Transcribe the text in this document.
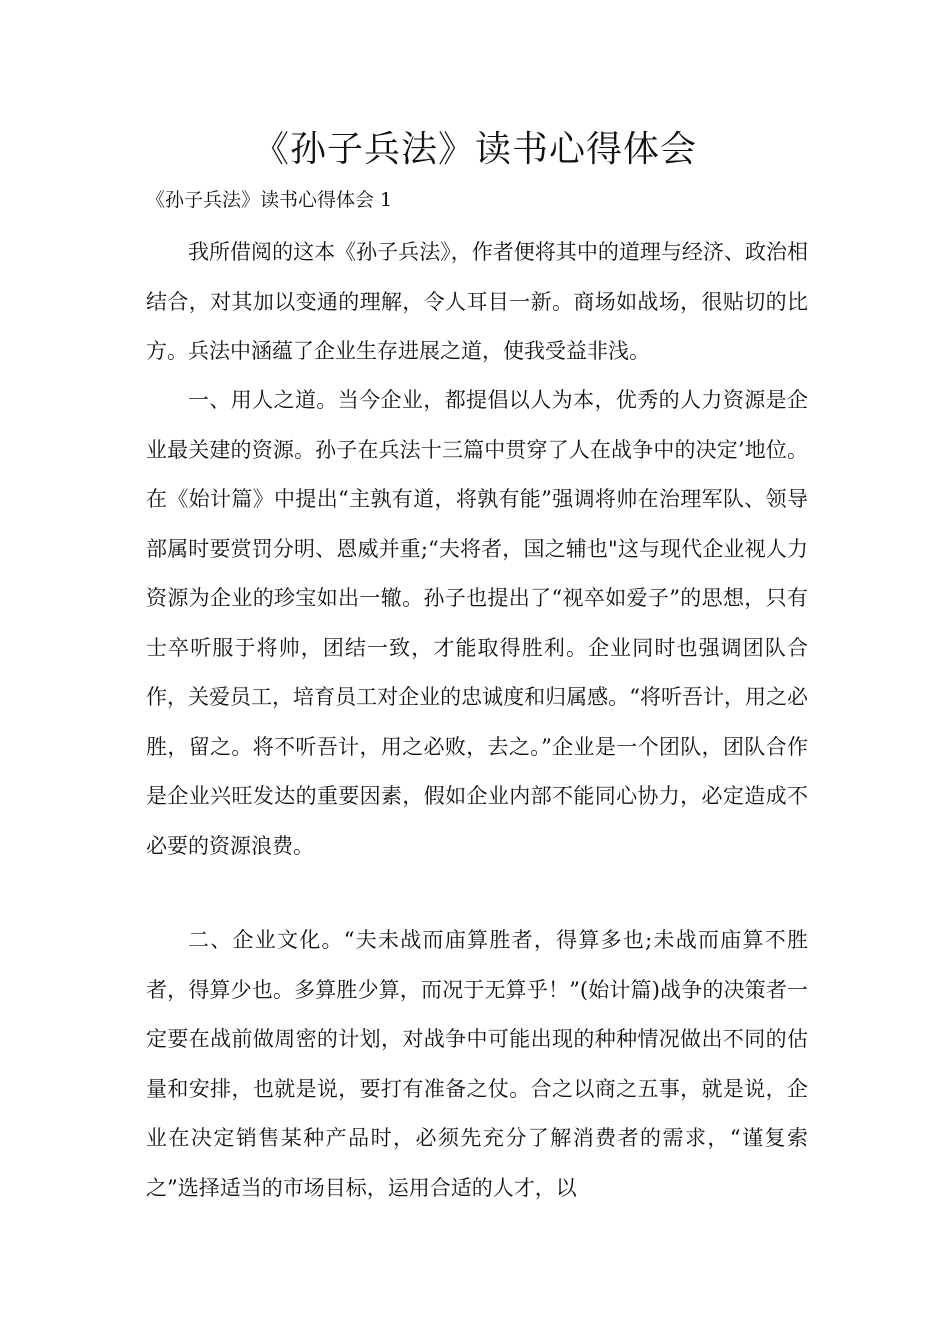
《孙子兵法》读书心得体会

《孙子兵法》读书心得体会 1

我所借阅的这本《孙子兵法》，作者便将其中的道理与经济、政治相结合，对其加以变通的理解，令人耳目一新。商场如战场，很贴切的比方。兵法中涵蕴了企业生存进展之道，使我受益非浅。

一、用人之道。当今企业，都提倡以人为本，优秀的人力资源是企业最关建的资源。孙子在兵法十三篇中贯穿了人在战争中的决定’地位。在《始计篇》中提出“主孰有道，将孰有能”强调将帅在治理军队、领导部属时要赏罚分明、恩威并重;“夫将者，国之辅也"这与现代企业视人力资源为企业的珍宝如出一辙。孙子也提出了“视卒如爱子”的思想，只有士卒听服于将帅，团结一致，才能取得胜利。企业同时也强调团队合作，关爱员工，培育员工对企业的忠诚度和归属感。“将听吾计，用之必胜，留之。将不听吾计，用之必败，去之。”企业是一个团队，团队合作是企业兴旺发达的重要因素，假如企业内部不能同心协力，必定造成不必要的资源浪费。

二、企业文化。“夫未战而庙算胜者，得算多也;未战而庙算不胜者，得算少也。多算胜少算，而况于无算乎！”(始计篇)战争的决策者一定要在战前做周密的计划，对战争中可能出现的种种情况做出不同的估量和安排，也就是说，要打有准备之仗。合之以商之五事，就是说，企业在决定销售某种产品时，必须先充分了解消费者的需求，“谨复索之”选择适当的市场目标，运用合适的人才，以
